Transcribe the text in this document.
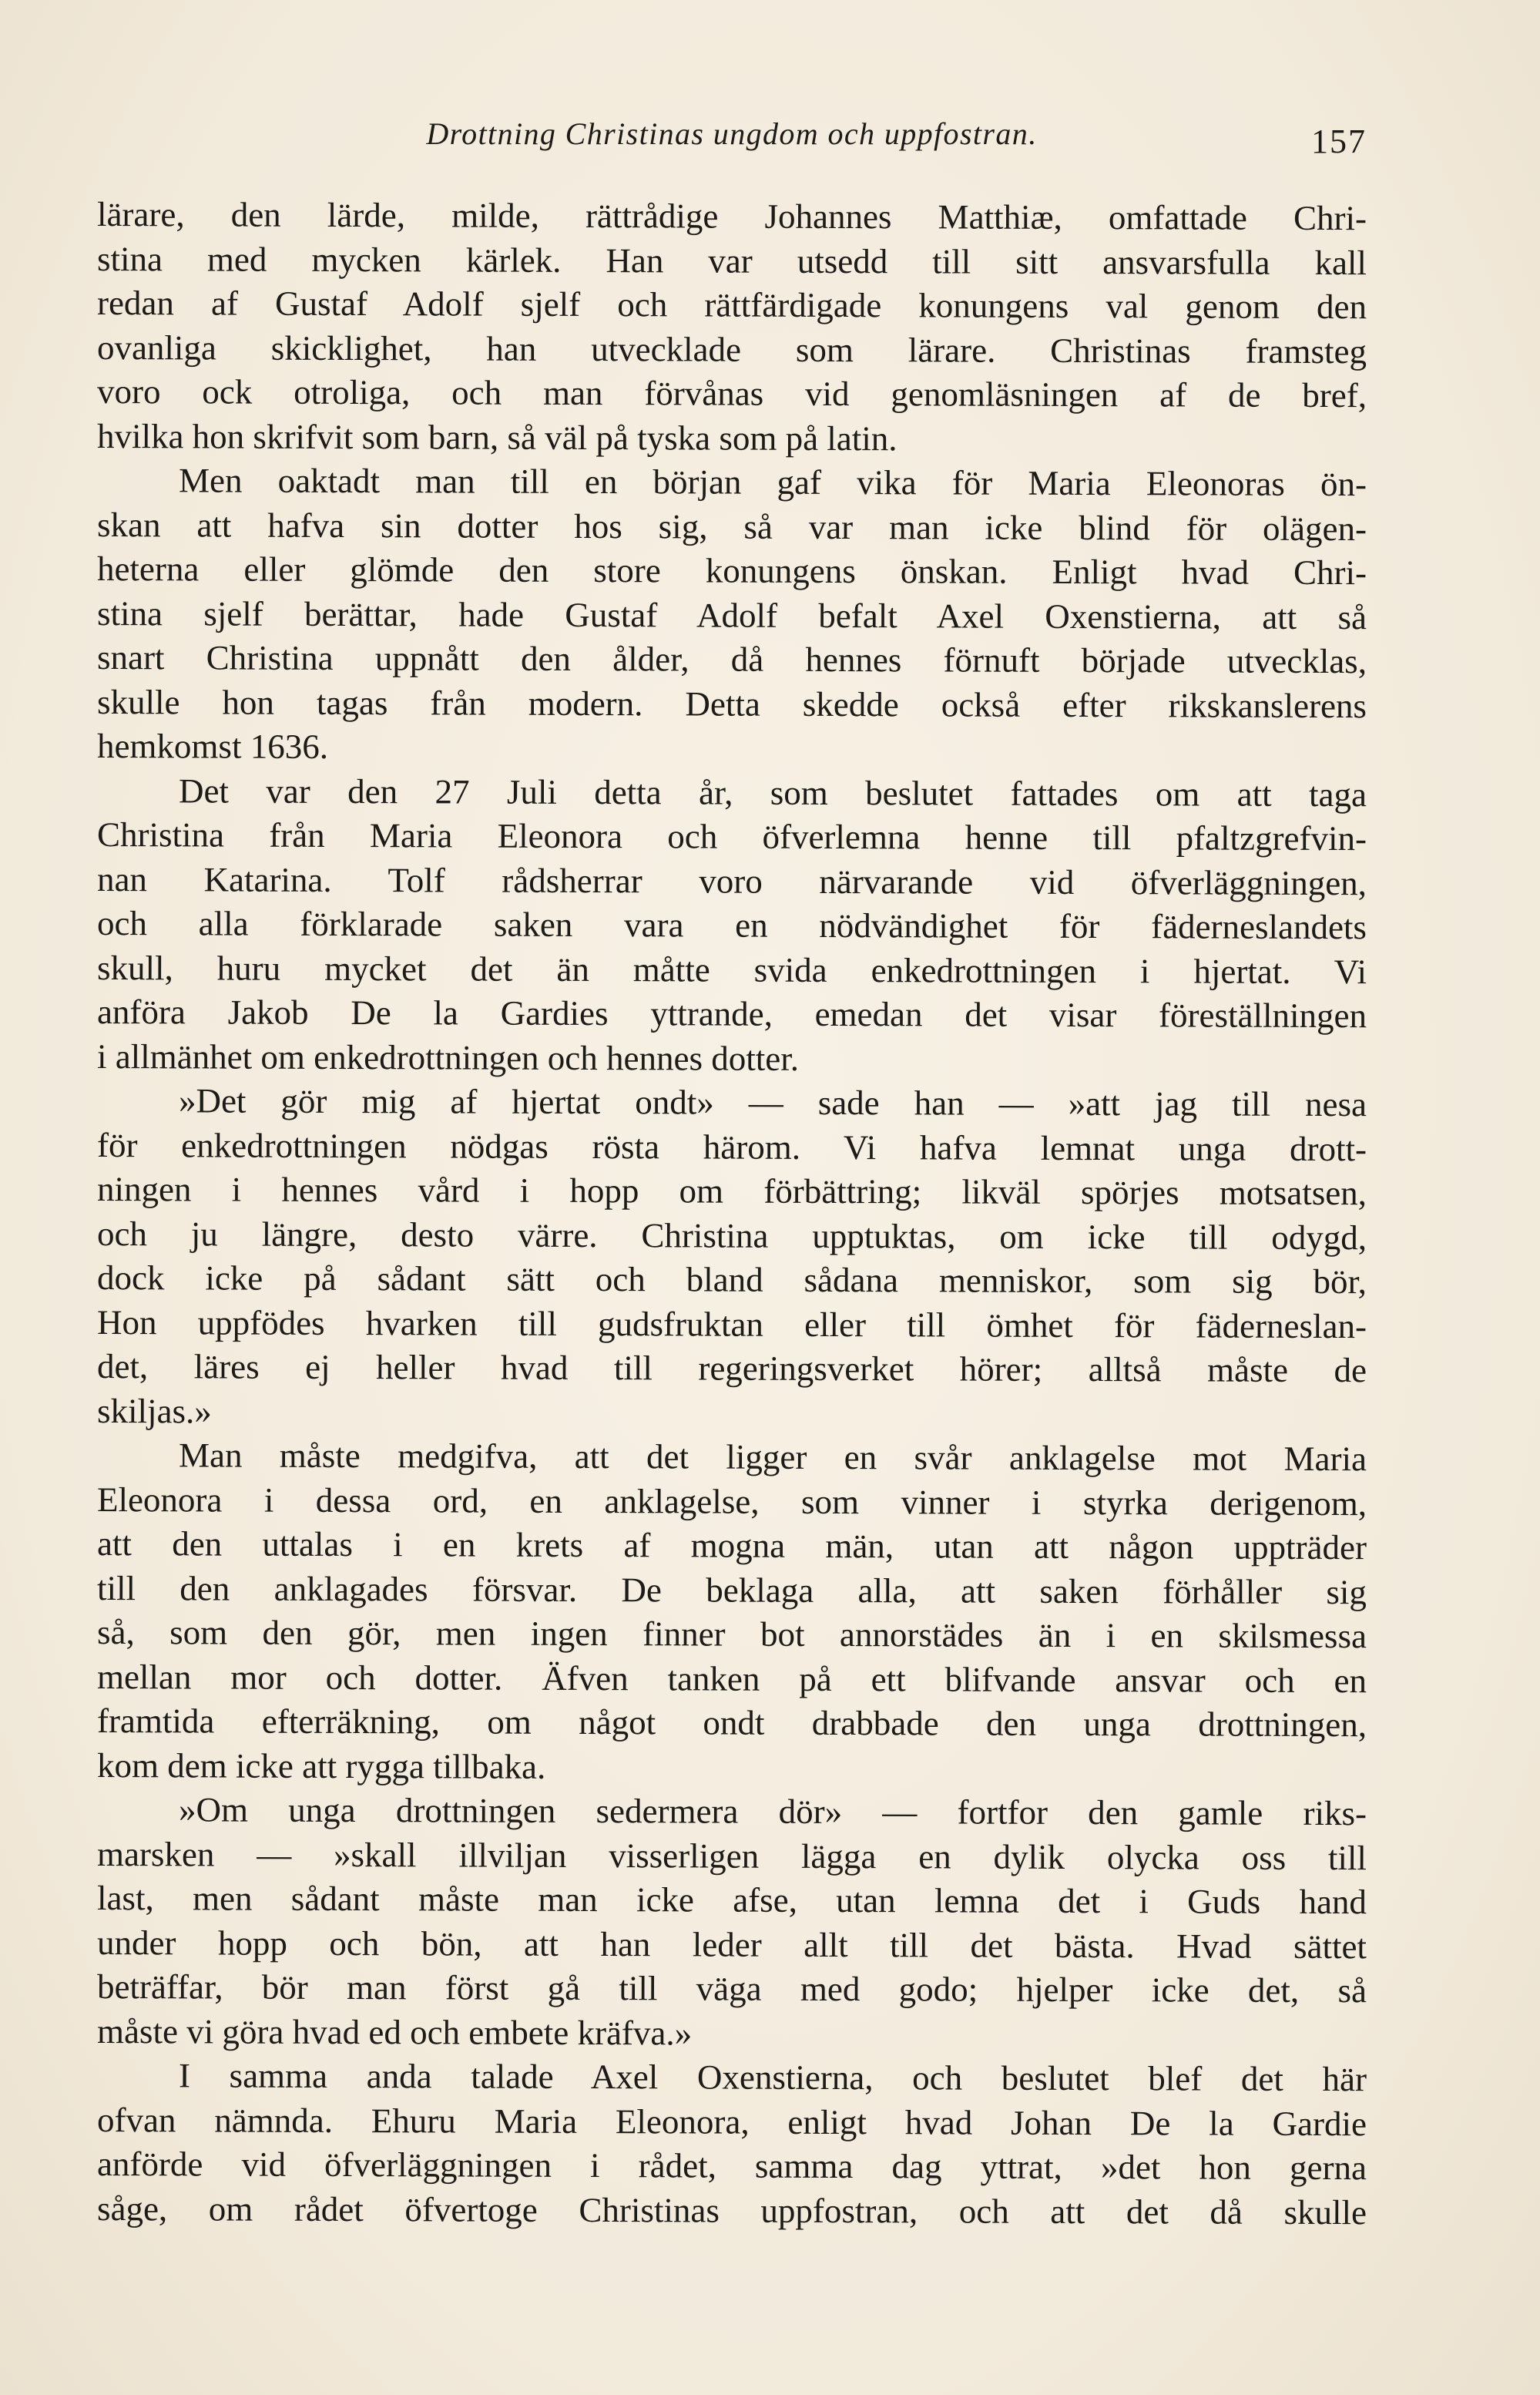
Drottning Christinas ungdom och uppfostran.	157
lärare, den lärde, milde, rättrådige Johannes Matthiæ, omfattade Chri-
stina med mycken kärlek. Han var utsedd till sitt ansvarsfulla kall
redan af Gustaf Adolf sjelf och rättfärdigade konungens val genom den
ovanliga skicklighet, han utvecklade som lärare. Christinas framsteg
voro ock otroliga, och man förvånas vid genomläsningen af de bref,
hvilka hon skrifvit som barn, så väl på tyska som på latin.
Men oaktadt man till en början gaf vika för Maria Eleonoras ön-
skan att hafva sin dotter hos sig, så var man icke blind för olägen-
heterna eller glömde den store konungens önskan. Enligt hvad Chri-
stina sjelf berättar, hade Gustaf Adolf befalt Axel Oxenstierna, att så
snart Christina uppnått den ålder, då hennes förnuft började utvecklas,
skulle hon tagas från modern. Detta skedde också efter rikskanslerens
hemkomst 1636.
Det var den 27 Juli detta år, som beslutet fattades om att taga
Christina från Maria Eleonora och öfverlemna henne till pfaltzgrefvin-
nan Katarina. Tolf rådsherrar voro närvarande vid öfverläggningen,
och alla förklarade saken vara en nödvändighet för fäderneslandets
skull, huru mycket det än måtte svida enkedrottningen i hjertat. Vi
anföra Jakob De la Gardies yttrande, emedan det visar föreställningen
i allmänhet om enkedrottningen och hennes dotter.
»Det gör mig af hjertat ondt» — sade han — »att jag till nesa
för enkedrottningen nödgas rösta härom. Vi hafva lemnat unga drott-
ningen i hennes vård i hopp om förbättring; likväl spörjes motsatsen,
och ju längre, desto värre. Christina upptuktas, om icke till odygd,
dock icke på sådant sätt och bland sådana menniskor, som sig bör,
Hon uppfödes hvarken till gudsfruktan eller till ömhet för fäderneslan-
det, läres ej heller hvad till regeringsverket hörer; alltså måste de
skiljas.»
Man måste medgifva, att det ligger en svår anklagelse mot Maria
Eleonora i dessa ord, en anklagelse, som vinner i styrka derigenom,
att den uttalas i en krets af mogna män, utan att någon uppträder
till den anklagades försvar. De beklaga alla, att saken förhåller sig
så, som den gör, men ingen finner bot annorstädes än i en skilsmessa
mellan mor och dotter. Äfven tanken på ett blifvande ansvar och en
framtida efterräkning, om något ondt drabbade den unga drottningen,
kom dem icke att rygga tillbaka.
»Om unga drottningen sedermera dör» — fortfor den gamle riks-
marsken — »skall illviljan visserligen lägga en dylik olycka oss till
last, men sådant måste man icke afse, utan lemna det i Guds hand
under hopp och bön, att han leder allt till det bästa. Hvad sättet
beträffar, bör man först gå till väga med godo; hjelper icke det, så
måste vi göra hvad ed och embete kräfva.»
I samma anda talade Axel Oxenstierna, och beslutet blef det här
ofvan nämnda. Ehuru Maria Eleonora, enligt hvad Johan De la Gardie
anförde vid öfverläggningen i rådet, samma dag yttrat, »det hon gerna
såge, om rådet öfvertoge Christinas uppfostran, och att det då skulle
